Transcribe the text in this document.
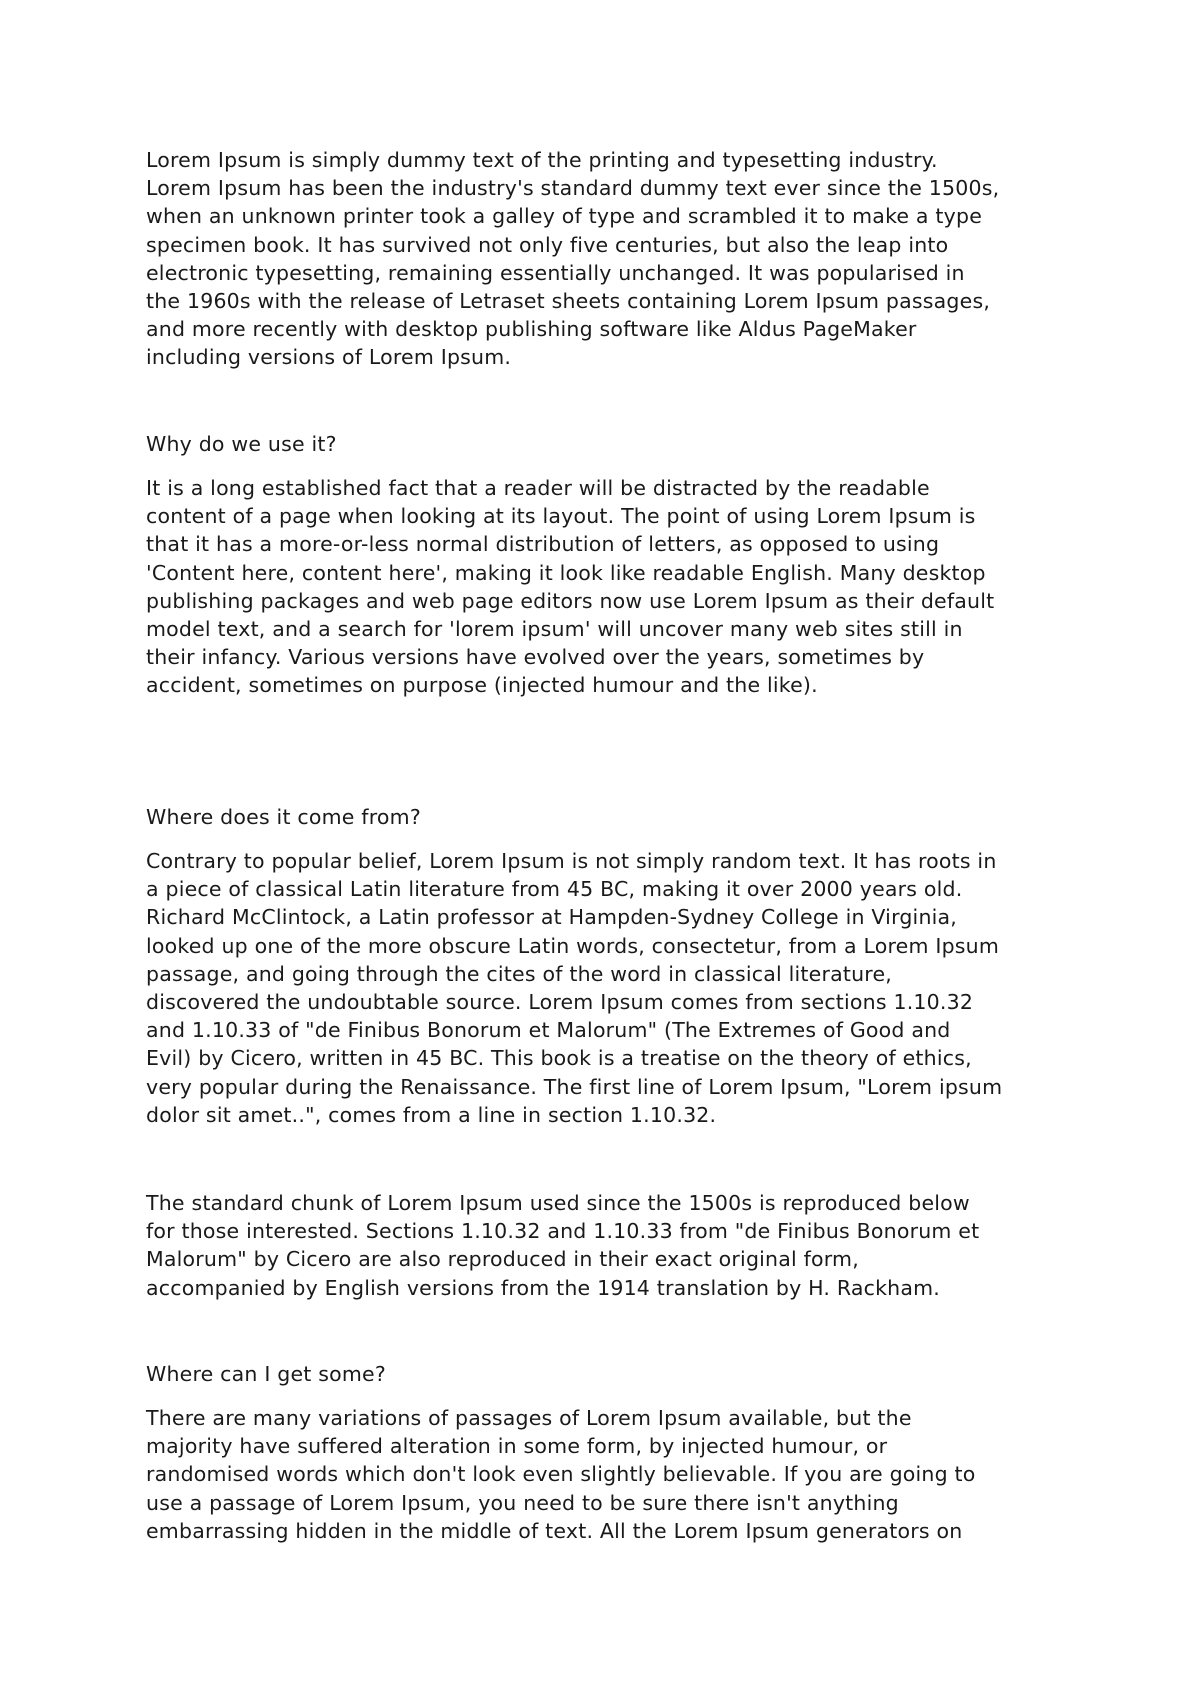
Lorem Ipsum is simply dummy text of the printing and typesetting industry.
Lorem Ipsum has been the industry's standard dummy text ever since the 1500s,
when an unknown printer took a galley of type and scrambled it to make a type
specimen book. It has survived not only five centuries, but also the leap into
electronic typesetting, remaining essentially unchanged. It was popularised in
the 1960s with the release of Letraset sheets containing Lorem Ipsum passages,
and more recently with desktop publishing software like Aldus PageMaker
including versions of Lorem Ipsum.

Why do we use it?

It is a long established fact that a reader will be distracted by the readable
content of a page when looking at its layout. The point of using Lorem Ipsum is
that it has a more-or-less normal distribution of letters, as opposed to using
'Content here, content here', making it look like readable English. Many desktop
publishing packages and web page editors now use Lorem Ipsum as their default
model text, and a search for 'lorem ipsum' will uncover many web sites still in
their infancy. Various versions have evolved over the years, sometimes by
accident, sometimes on purpose (injected humour and the like).

Where does it come from?

Contrary to popular belief, Lorem Ipsum is not simply random text. It has roots in
a piece of classical Latin literature from 45 BC, making it over 2000 years old.
Richard McClintock, a Latin professor at Hampden-Sydney College in Virginia,
looked up one of the more obscure Latin words, consectetur, from a Lorem Ipsum
passage, and going through the cites of the word in classical literature,
discovered the undoubtable source. Lorem Ipsum comes from sections 1.10.32
and 1.10.33 of "de Finibus Bonorum et Malorum" (The Extremes of Good and
Evil) by Cicero, written in 45 BC. This book is a treatise on the theory of ethics,
very popular during the Renaissance. The first line of Lorem Ipsum, "Lorem ipsum
dolor sit amet..", comes from a line in section 1.10.32.

The standard chunk of Lorem Ipsum used since the 1500s is reproduced below
for those interested. Sections 1.10.32 and 1.10.33 from "de Finibus Bonorum et
Malorum" by Cicero are also reproduced in their exact original form,
accompanied by English versions from the 1914 translation by H. Rackham.

Where can I get some?

There are many variations of passages of Lorem Ipsum available, but the
majority have suffered alteration in some form, by injected humour, or
randomised words which don't look even slightly believable. If you are going to
use a passage of Lorem Ipsum, you need to be sure there isn't anything
embarrassing hidden in the middle of text. All the Lorem Ipsum generators on
